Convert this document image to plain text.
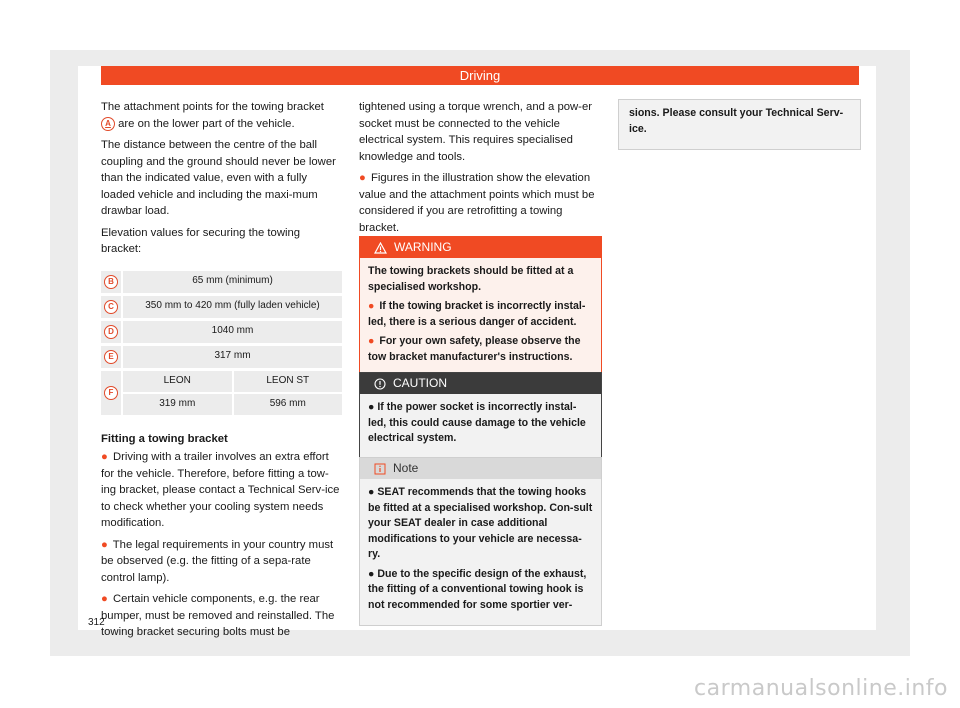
Driving

The attachment points for the towing bracket
A are on the lower part of the vehicle.

The distance between the centre of the ball coupling and the ground should never be lower than the indicated value, even with a fully loaded vehicle and including the maxi-mum drawbar load.

Elevation values for securing the towing bracket:

B	65 mm (minimum)
C	350 mm to 420 mm (fully laden vehicle)
D	1040 mm
E	317 mm
F
LEON	LEON ST
319 mm	596 mm

Fitting a towing bracket

● Driving with a trailer involves an extra effort for the vehicle. Therefore, before fitting a tow-ing bracket, please contact a Technical Serv-ice to check whether your cooling system needs modification.

● The legal requirements in your country must be observed (e.g. the fitting of a sepa-rate control lamp).

● Certain vehicle components, e.g. the rear bumper, must be removed and reinstalled. The towing bracket securing bolts must be

tightened using a torque wrench, and a pow-er socket must be connected to the vehicle electrical system. This requires specialised knowledge and tools.

● Figures in the illustration show the elevation value and the attachment points which must be considered if you are retrofitting a towing bracket.

WARNING

The towing brackets should be fitted at a specialised workshop.

● If the towing bracket is incorrectly instal-led, there is a serious danger of accident.

● For your own safety, please observe the tow bracket manufacturer's instructions.

CAUTION

● If the power socket is incorrectly instal-led, this could cause damage to the vehicle electrical system.

Note

● SEAT recommends that the towing hooks be fitted at a specialised workshop. Con-sult your SEAT dealer in case additional modifications to your vehicle are necessa-ry.

● Due to the specific design of the exhaust, the fitting of a conventional towing hook is not recommended for some sportier ver-

sions. Please consult your Technical Serv-ice.

312
carmanualsonline.info
